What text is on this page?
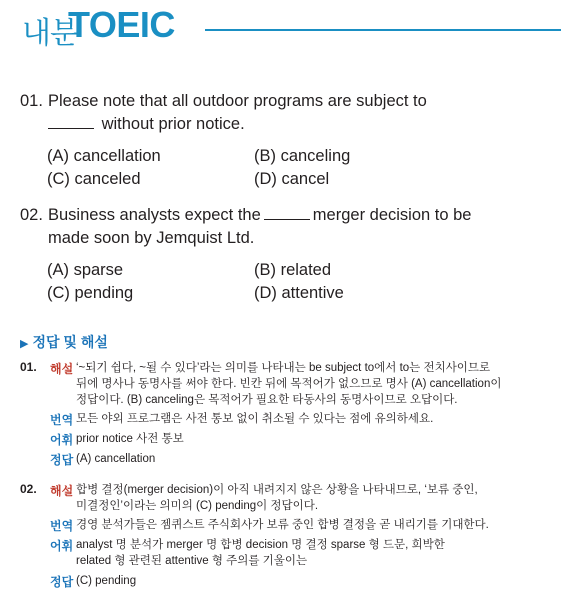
내분
TOEIC
01. Please note that all outdoor programs are subject to
without prior notice.
(A) cancellation	(B) canceling
(C) canceled	(D) cancel
02. Business analysts expect the	merger decision to be
made soon by Jemquist Ltd.
(A) sparse	(B) related
(C) pending	(D) attentive
▶ 정답 및 해설
01. 해설 ‘~되기 쉽다, ~될 수 있다’라는 의미를 나타내는 be subject to에서 to는 전치사이므로
뒤에 명사나 동명사를 써야 한다. 빈칸 뒤에 목적어가 없으므로 명사 (A) cancellation이
정답이다. (B) canceling은 목적어가 필요한 타동사의 동명사이므로 오답이다.
번역 모든 야외 프로그램은 사전 통보 없이 취소될 수 있다는 점에 유의하세요.
어휘 prior notice 사전 통보
정답 (A) cancellation
02. 해설 합병 결정(merger decision)이 아직 내려지지 않은 상황을 나타내므로, ‘보류 중인,
미결정인’이라는 의미의 (C) pending이 정답이다.
번역 경영 분석가들은 젬퀴스트 주식회사가 보류 중인 합병 결정을 곧 내리기를 기대한다.
어휘 analyst 명 분석가 merger 명 합병 decision 명 결정 sparse 형 드문, 희박한
related 형 관련된 attentive 형 주의를 기울이는
정답 (C) pending
